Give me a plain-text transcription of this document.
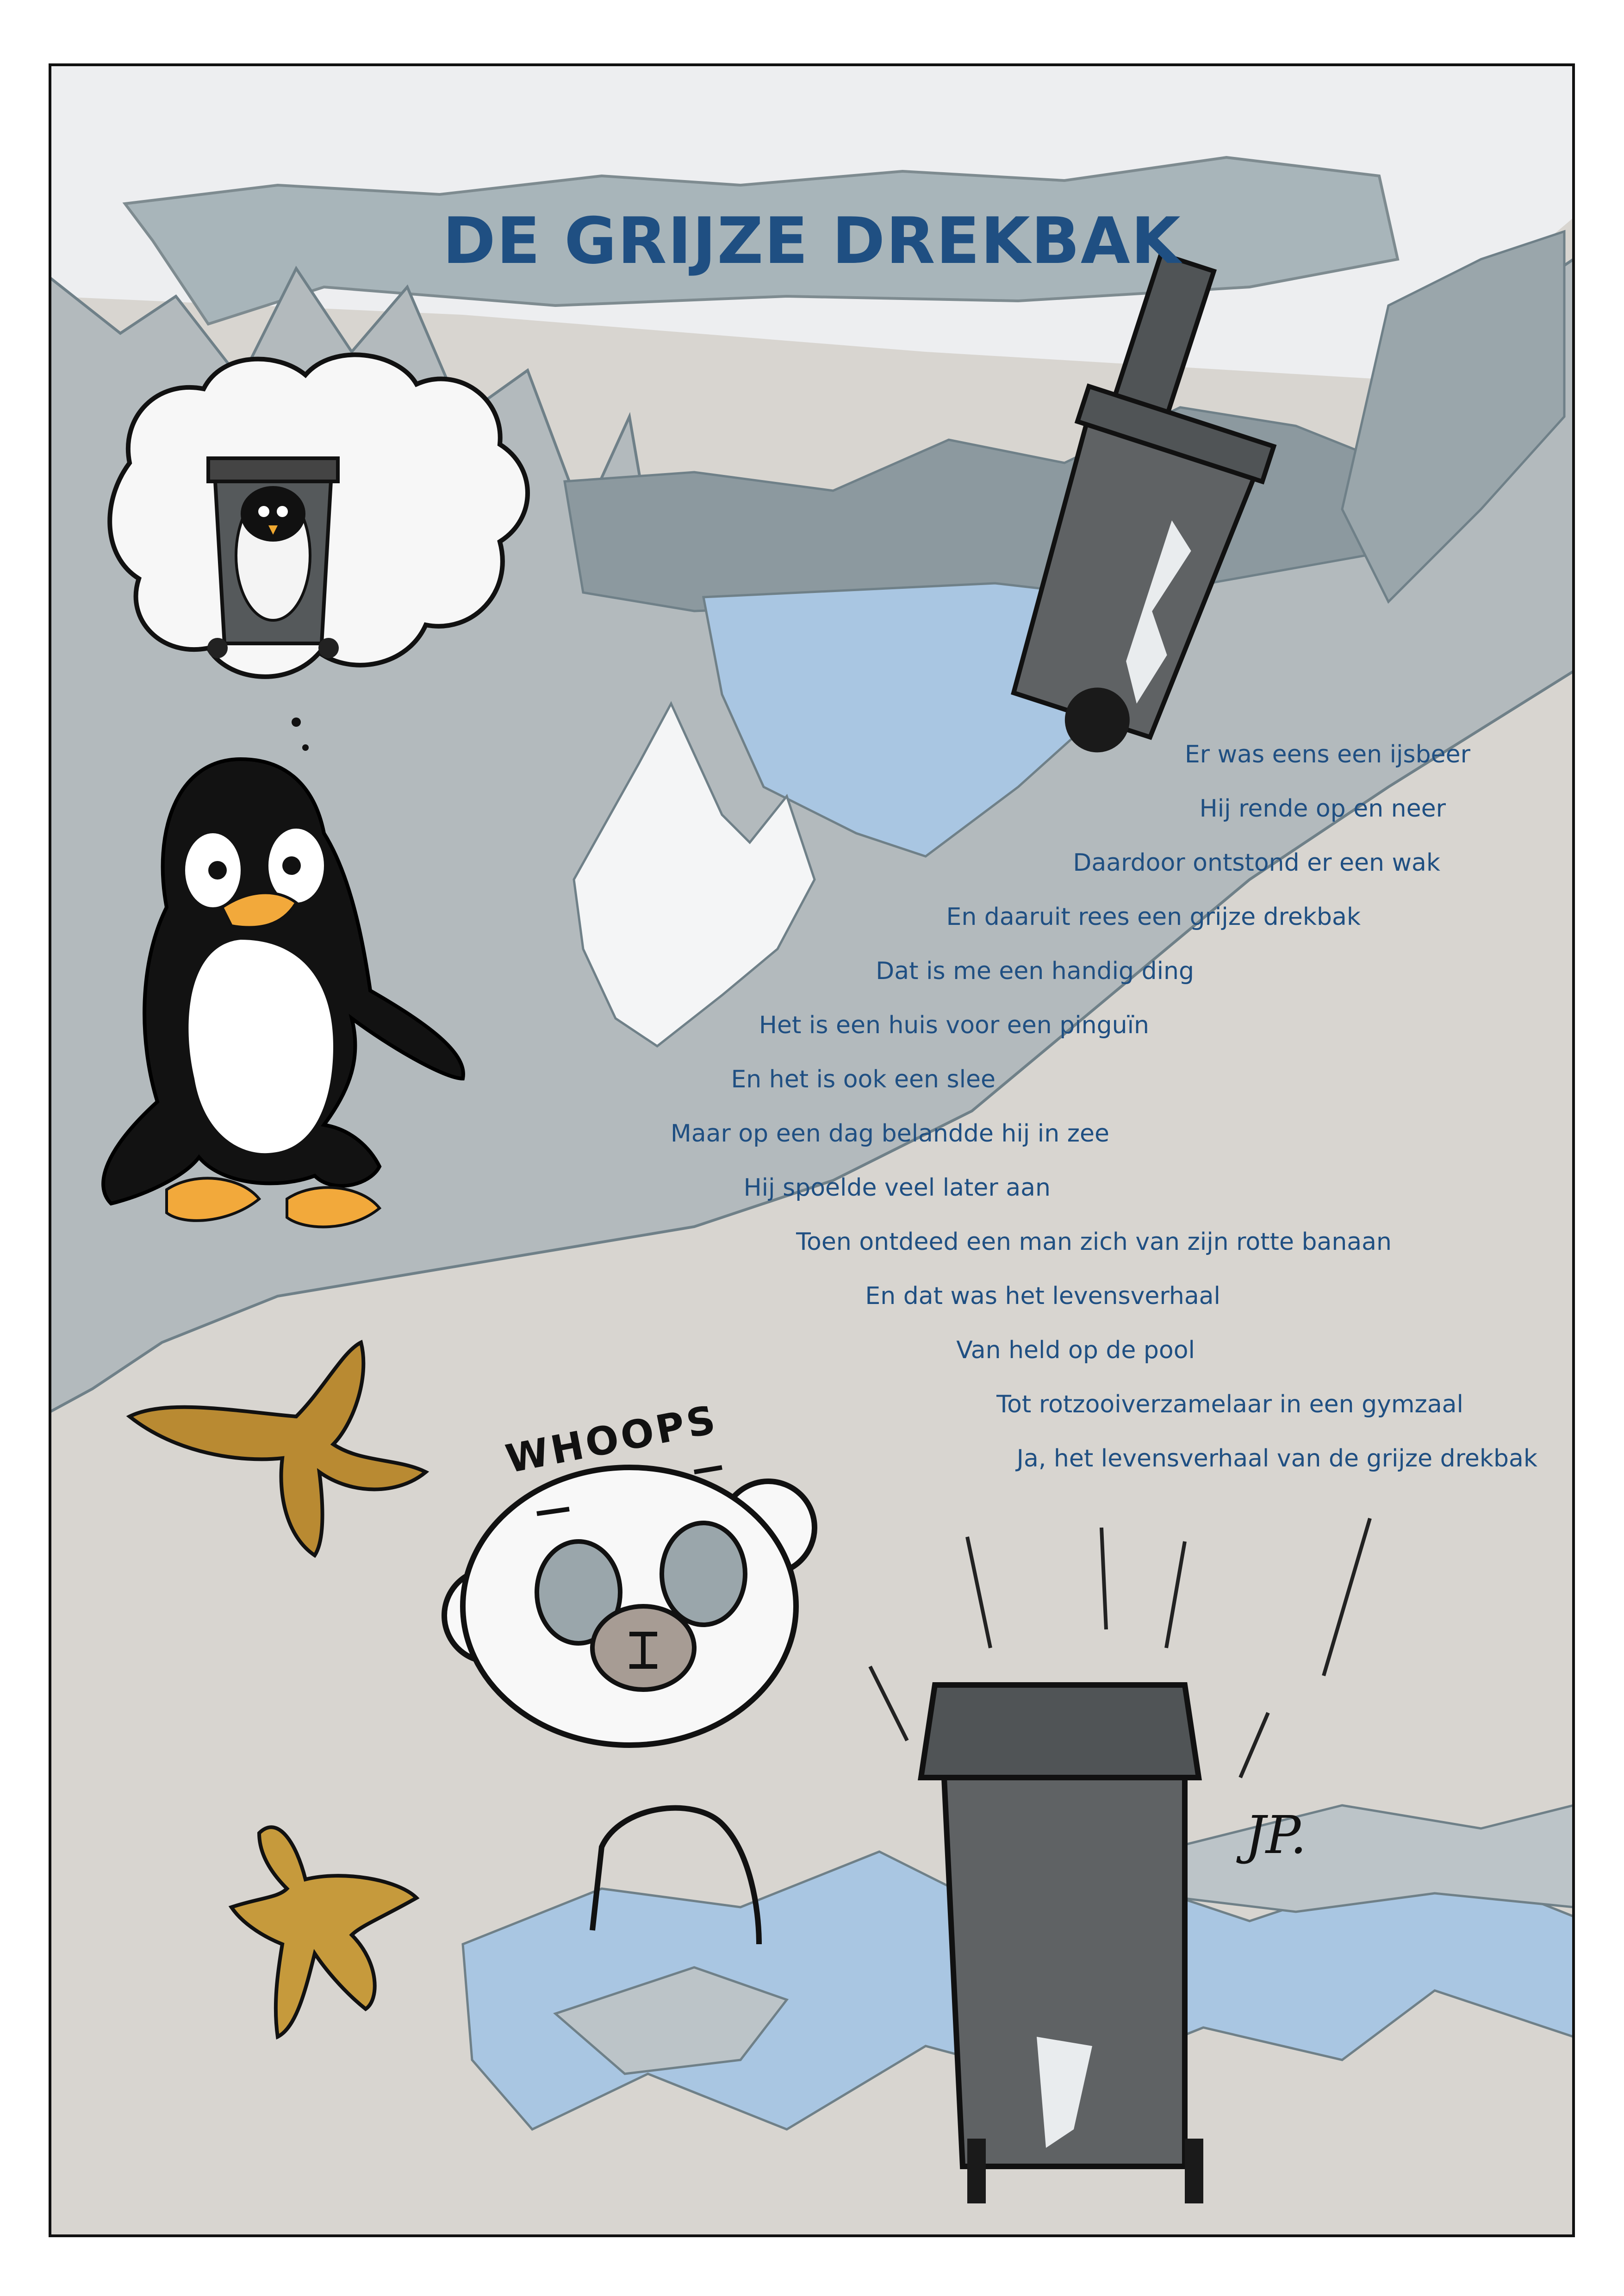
DE GRIJZE DREKBAK
Er was eens een ijsbeer
Hij rende op en neer
Daardoor ontstond er een wak
En daaruit rees een grijze drekbak
Dat is me een handig ding
Het is een huis voor een pinguïn
En het is ook een slee
Maar op een dag belandde hij in zee
Hij spoelde veel later aan
Toen ontdeed een man zich van zijn rotte banaan
En dat was het levensverhaal
Van held op de pool
Tot rotzooiverzamelaar in een gymzaal
Ja, het levensverhaal van de grijze drekbak
WHOOPS
JP.
